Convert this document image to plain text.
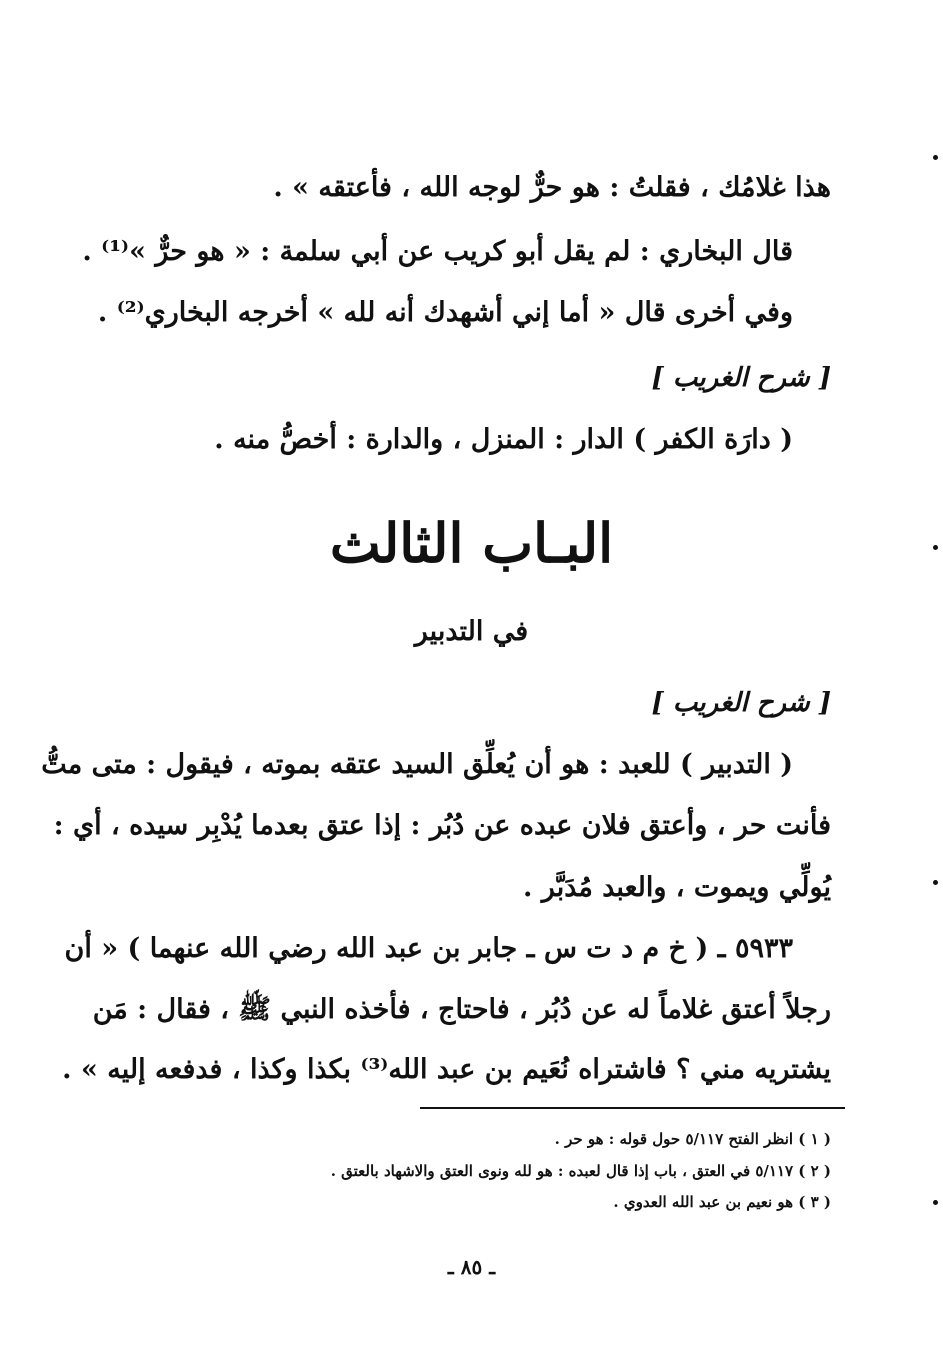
هذا غلامُك ، فقلتُ : هو حرٌّ لوجه الله ، فأعتقه » .
قال البخاري : لم يقل أبو كريب عن أبي سلمة : « هو حرٌّ »⁽¹⁾ .
وفي أخرى قال « أما إني أشهدك أنه لله » أخرجه البخاري⁽²⁾ .
[ شرح الغريب ]
( دارَة الكفر ) الدار : المنزل ، والدارة : أخصُّ منه .
البـاب الثالث
في التدبير
[ شرح الغريب ]
( التدبير ) للعبد : هو أن يُعلِّق السيد عتقه بموته ، فيقول : متى متُّ
فأنت حر ، وأعتق فلان عبده عن دُبُر : إذا عتق بعدما يُدْبِر سيده ، أي :
يُولِّي ويموت ، والعبد مُدَبَّر .
٥٩٣٣ ـ ( خ م د ت س ـ جابر بن عبد الله رضي الله عنهما ) « أن
رجلاً أعتق غلاماً له عن دُبُر ، فاحتاج ، فأخذه النبي ﷺ ، فقال : مَن
يشتريه مني ؟ فاشتراه نُعَيم بن عبد الله⁽³⁾ بكذا وكذا ، فدفعه إليه » .
( ١ ) انظر الفتح ٥/١١٧ حول قوله : هو حر .
( ٢ ) ٥/١١٧ في العتق ، باب إذا قال لعبده : هو لله ونوى العتق والاشهاد بالعتق .
( ٣ ) هو نعيم بن عبد الله العدوي .
ـ ٨٥ ـ
